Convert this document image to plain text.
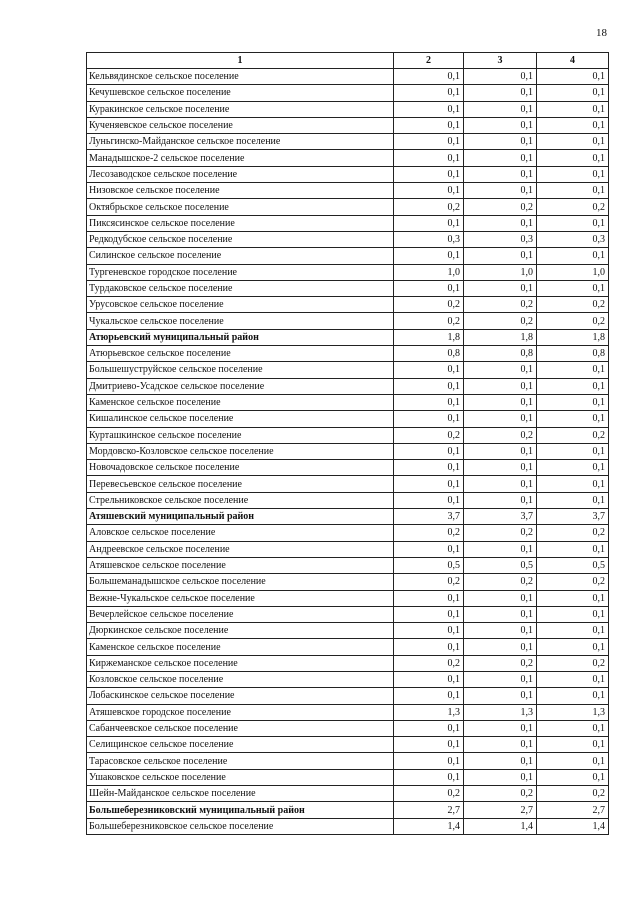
18
1	2	3	4
Кельвядинское сельское поселение	0,1	0,1	0,1
Кечушевское сельское поселение	0,1	0,1	0,1
Куракинское сельское поселение	0,1	0,1	0,1
Кученяевское сельское поселение	0,1	0,1	0,1
Луньгинско-Майданское сельское поселение	0,1	0,1	0,1
Манадышское-2 сельское поселение	0,1	0,1	0,1
Лесозаводское сельское поселение	0,1	0,1	0,1
Низовское сельское поселение	0,1	0,1	0,1
Октябрьское сельское поселение	0,2	0,2	0,2
Пиксясинское сельское поселение	0,1	0,1	0,1
Редкодубское сельское поселение	0,3	0,3	0,3
Силинское сельское поселение	0,1	0,1	0,1
Тургеневское городское поселение	1,0	1,0	1,0
Турдаковское сельское поселение	0,1	0,1	0,1
Урусовское сельское поселение	0,2	0,2	0,2
Чукальское сельское поселение	0,2	0,2	0,2
Атюрьевский муниципальный район	1,8	1,8	1,8
Атюрьевское сельское поселение	0,8	0,8	0,8
Большешуструйское сельское поселение	0,1	0,1	0,1
Дмитриево-Усадское сельское поселение	0,1	0,1	0,1
Каменское сельское поселение	0,1	0,1	0,1
Кишалинское сельское поселение	0,1	0,1	0,1
Курташкинское сельское поселение	0,2	0,2	0,2
Мордовско-Козловское сельское поселение	0,1	0,1	0,1
Новочадовское сельское поселение	0,1	0,1	0,1
Перевесьевское сельское поселение	0,1	0,1	0,1
Стрельниковское сельское поселение	0,1	0,1	0,1
Атяшевский муниципальный район	3,7	3,7	3,7
Аловское сельское поселение	0,2	0,2	0,2
Андреевское сельское поселение	0,1	0,1	0,1
Атяшевское сельское поселение	0,5	0,5	0,5
Большеманадышское сельское поселение	0,2	0,2	0,2
Вежне-Чукальское сельское поселение	0,1	0,1	0,1
Вечерлейское сельское поселение	0,1	0,1	0,1
Дюркинское сельское поселение	0,1	0,1	0,1
Каменское сельское поселение	0,1	0,1	0,1
Киржеманское сельское поселение	0,2	0,2	0,2
Козловское сельское поселение	0,1	0,1	0,1
Лобаскинское сельское поселение	0,1	0,1	0,1
Атяшевское городское поселение	1,3	1,3	1,3
Сабанчеевское сельское поселение	0,1	0,1	0,1
Селищинское сельское поселение	0,1	0,1	0,1
Тарасовское сельское поселение	0,1	0,1	0,1
Ушаковское сельское поселение	0,1	0,1	0,1
Шейн-Майданское сельское поселение	0,2	0,2	0,2
Большеберезниковский муниципальный район	2,7	2,7	2,7
Большеберезниковское сельское поселение	1,4	1,4	1,4
